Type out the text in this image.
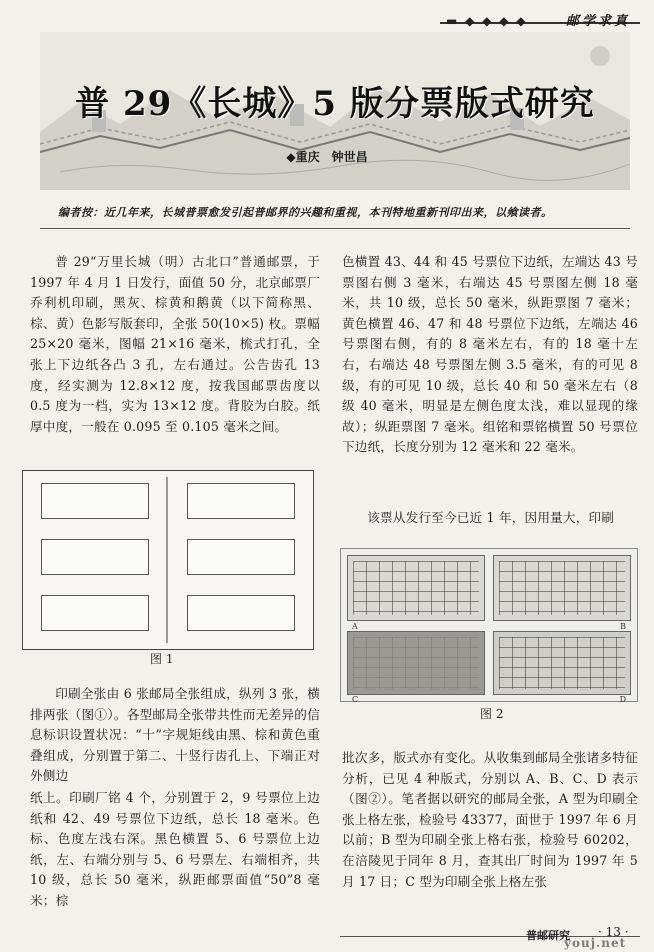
▬ ◆ ◆ ◆ ◆	邮学求真
普 29《长城》5 版分票版式研究
◆重庆 钟世昌
编者按：近几年来，长城普票愈发引起普邮界的兴趣和重视，本刊特地重新刊印出来，以飨读者。
普 29“万里长城（明）古北口”普通邮票，于 1997 年 4 月 1 日发行，面值 50 分，北京邮票厂乔利机印刷，黑灰、棕黄和鹅黄（以下简称黑、棕、黄）色影写版套印，全张 50(10×5) 枚。票幅 25×20 毫米，图幅 21×16 毫米，梳式打孔，全张上下边纸各凸 3 孔，左右通过。公告齿孔 13 度，经实测为 12.8×12 度，按我国邮票齿度以 0.5 度为一档，实为 13×12 度。背胶为白胶。纸厚中度，一般在 0.095 至 0.105 毫米之间。
图 1
印刷全张由 6 张邮局全张组成，纵列 3 张，横排两张（图①）。各型邮局全张带共性而无差异的信息标识设置状况：“十”字规矩线由黑、棕和黄色重叠组成，分别置于第二、十竖行齿孔上、下端正对外侧边
纸上。印刷厂铭 4 个，分别置于 2，9 号票位上边纸和 42、49 号票位下边纸，总长 18 毫米。色标、色度左浅右深。黑色横置 5、6 号票位上边纸，左、右端分别与 5、6 号票左、右端相齐，共 10 级，总长 50 毫米，纵距邮票面值“50”8 毫米；棕
色横置 43、44 和 45 号票位下边纸，左端达 43 号票图右侧 3 毫米，右端达 45 号票图左侧 18 毫米，共 10 级，总长 50 毫米，纵距票图 7 毫米；黄色横置 46、47 和 48 号票位下边纸，左端达 46 号票图右侧，有的 8 毫米左右，有的 18 毫十左右，右端达 48 号票图左侧 3.5 毫米，有的可见 8 级，有的可见 10 级，总长 40 和 50 毫米左右（8 级 40 毫米，明显是左侧色度太浅，难以显现的缘故）；纵距票图 7 毫米。组铭和票铭横置 50 号票位下边纸，长度分别为 12 毫米和 22 毫米。
该票从发行至今已近 1 年，因用量大，印刷
A	B
C	D
图 2
批次多，版式亦有变化。从收集到邮局全张诸多特征分析，已见 4 种版式，分别以 A、B、C、D 表示（图②）。笔者据以研究的邮局全张，A 型为印刷全张上格左张，检验号 43377，面世于 1997 年 6 月以前；B 型为印刷全张上格右张，检验号 60202，在涪陵见于同年 8 月，查其出厂时间为 1997 年 5 月 17 日；C 型为印刷全张上格左张
普邮研究 · 13 ·
youj.net
